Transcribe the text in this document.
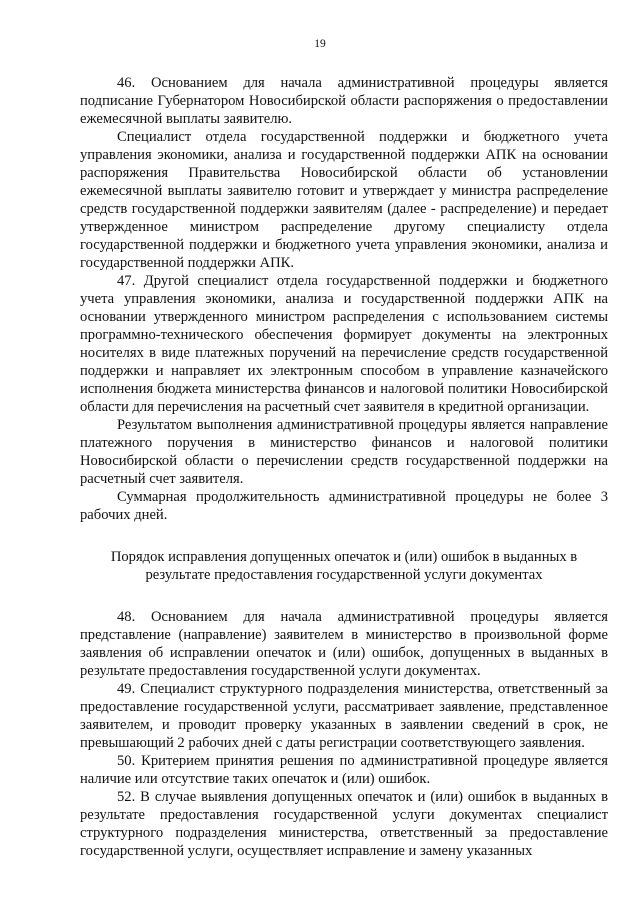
19

46. Основанием для начала административной процедуры является подписание Губернатором Новосибирской области распоряжения о предоставлении ежемесячной выплаты заявителю.

Специалист отдела государственной поддержки и бюджетного учета управления экономики, анализа и государственной поддержки АПК на основании распоряжения Правительства Новосибирской области об установлении ежемесячной выплаты заявителю готовит и утверждает у министра распределение средств государственной поддержки заявителям (далее - распределение) и передает утвержденное министром распределение другому специалисту отдела государственной поддержки и бюджетного учета управления экономики, анализа и государственной поддержки АПК.

47. Другой специалист отдела государственной поддержки и бюджетного учета управления экономики, анализа и государственной поддержки АПК на основании утвержденного министром распределения с использованием системы программно-технического обеспечения формирует документы на электронных носителях в виде платежных поручений на перечисление средств государственной поддержки и направляет их электронным способом в управление казначейского исполнения бюджета министерства финансов и налоговой политики Новосибирской области для перечисления на расчетный счет заявителя в кредитной организации.

Результатом выполнения административной процедуры является направление платежного поручения в министерство финансов и налоговой политики Новосибирской области о перечислении средств государственной поддержки на расчетный счет заявителя.

Суммарная продолжительность административной процедуры не более 3 рабочих дней.

Порядок исправления допущенных опечаток и (или) ошибок в выданных в
результате предоставления государственной услуги документах

48. Основанием для начала административной процедуры является представление (направление) заявителем в министерство в произвольной форме заявления об исправлении опечаток и (или) ошибок, допущенных в выданных в результате предоставления государственной услуги документах.

49. Специалист структурного подразделения министерства, ответственный за предоставление государственной услуги, рассматривает заявление, представленное заявителем, и проводит проверку указанных в заявлении сведений в срок, не превышающий 2 рабочих дней с даты регистрации соответствующего заявления.

50. Критерием принятия решения по административной процедуре является наличие или отсутствие таких опечаток и (или) ошибок.

52. В случае выявления допущенных опечаток и (или) ошибок в выданных в результате предоставления государственной услуги документах специалист структурного подразделения министерства, ответственный за предоставление государственной услуги, осуществляет исправление и замену указанных
